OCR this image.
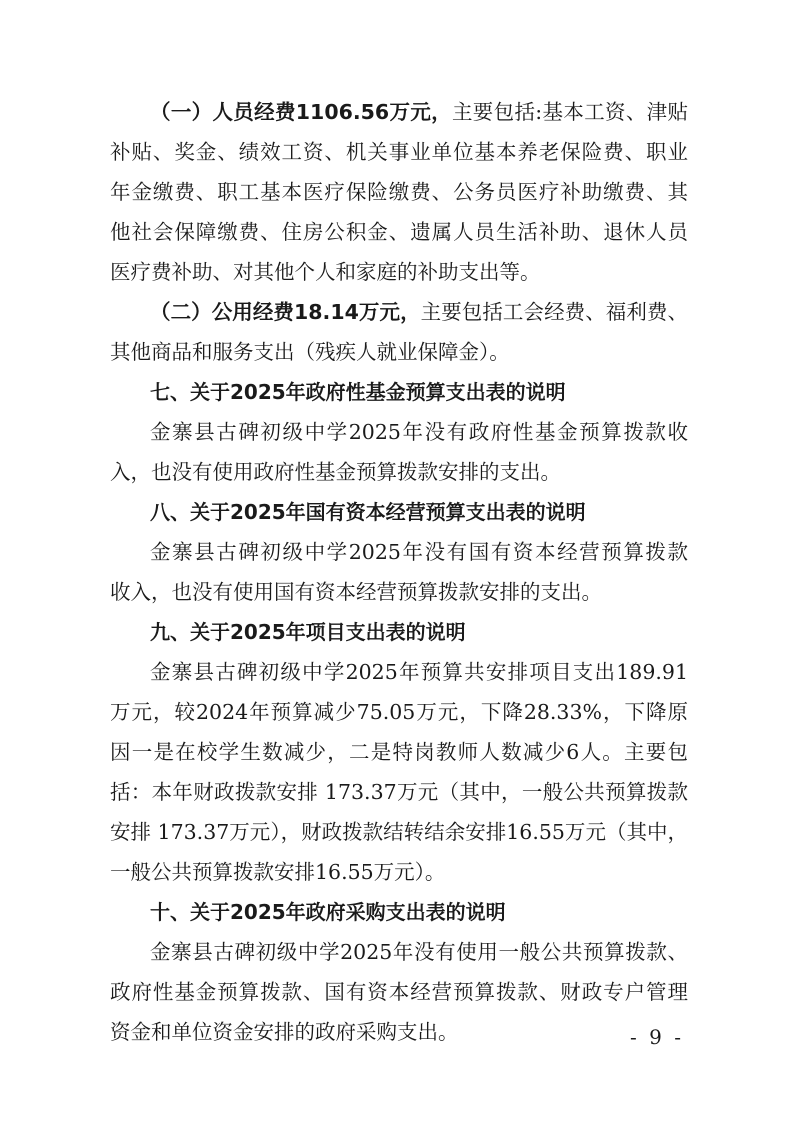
（一）人员经费1106.56万元，主要包括:基本工资、津贴
补贴、奖金、绩效工资、机关事业单位基本养老保险费、职业
年金缴费、职工基本医疗保险缴费、公务员医疗补助缴费、其
他社会保障缴费、住房公积金、遗属人员生活补助、退休人员
医疗费补助、对其他个人和家庭的补助支出等。
（二）公用经费18.14万元，主要包括工会经费、福利费、
其他商品和服务支出（残疾人就业保障金）。
七、关于2025年政府性基金预算支出表的说明
金寨县古碑初级中学2025年没有政府性基金预算拨款收
入，也没有使用政府性基金预算拨款安排的支出。
八、关于2025年国有资本经营预算支出表的说明
金寨县古碑初级中学2025年没有国有资本经营预算拨款
收入，也没有使用国有资本经营预算拨款安排的支出。
九、关于2025年项目支出表的说明
金寨县古碑初级中学2025年预算共安排项目支出189.91
万元，较2024年预算减少75.05万元，下降28.33%，下降原
因一是在校学生数减少，二是特岗教师人数减少6人。主要包
括：本年财政拨款安排 173.37万元（其中，一般公共预算拨款
安排 173.37万元），财政拨款结转结余安排16.55万元（其中，
一般公共预算拨款安排16.55万元）。
十、关于2025年政府采购支出表的说明
金寨县古碑初级中学2025年没有使用一般公共预算拨款、
政府性基金预算拨款、国有资本经营预算拨款、财政专户管理
资金和单位资金安排的政府采购支出。	- 9 -
